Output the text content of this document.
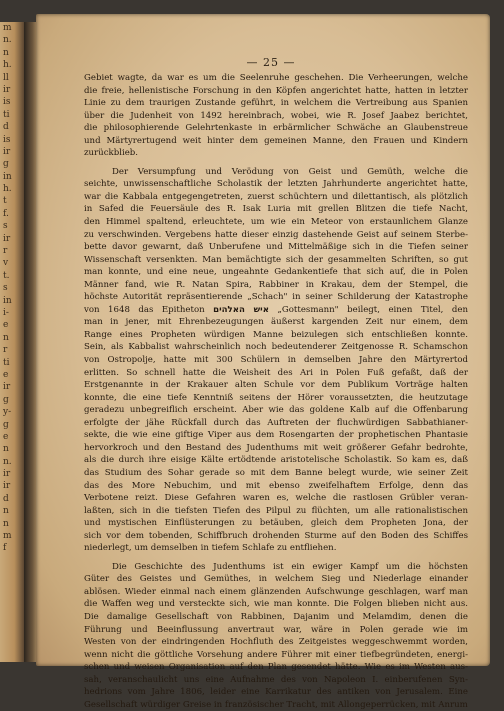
m
n.
n
h.
ll
ir
is
ti
d
is
ir
g
in
h.
t
f.
s
ir
r
v
t.
s
in
i-
e
n
r
ti
e
ir
g
y-
g
e
n
n.
ir
ir
d
n
n
m
f
— 25 —
Gebiet wagte, da war es um die Seelenruhe geschehen. Die Verheerungen, welche
die freie, hellenistische Forschung in den Köpfen angerichtet hatte, hatten in letzter
Linie zu dem traurigen Zustande geführt, in welchem die Vertreibung aus Spanien
über die Judenheit von 1492 hereinbrach, wobei, wie R. Josef Jaabez berichtet,
die philosophierende Gelehrtenkaste in erbärmlicher Schwäche an Glaubenstreue
und Märtyrertugend weit hinter dem gemeinen Manne, den Frauen und Kindern
zurückblieb.
Der Versumpfung und Verödung von Geist und Gemüth, welche die
seichte, unwissenschaftliche Scholastik der letzten Jahrhunderte angerichtet hatte,
war die Kabbala entgegengetreten, zuerst schüchtern und dilettantisch, als plötzlich
in Safed die Feuersäule des R. Isak Luria mit grellen Blitzen die tiefe Nacht,
den Himmel spaltend, erleuchtete, um wie ein Meteor von erstaunlichem Glanze
zu verschwinden. Vergebens hatte dieser einzig dastehende Geist auf seinem Sterbe-
bette davor gewarnt, daß Unberufene und Mittelmäßige sich in die Tiefen seiner
Wissenschaft versenkten. Man bemächtigte sich der gesammelten Schriften, so gut
man konnte, und eine neue, ungeahnte Gedankentiefe that sich auf, die in Polen
Männer fand, wie R. Natan Spira, Rabbiner in Krakau, dem der Stempel, die
höchste Autorität repräsentierende „Schach" in seiner Schilderung der Katastrophe
von 1648 das Epitheton איש האלהים „Gottesmann" beilegt, einen Titel, den
man in jener, mit Ehrenbezeugungen äußerst kargenden Zeit nur einem, dem
Range eines Propheten würdigen Manne beizulegen sich entschließen konnte.
Sein, als Kabbalist wahrscheinlich noch bedeutenderer Zeitgenosse R. Schamschon
von Ostropolje, hatte mit 300 Schülern in demselben Jahre den Märtyrertod
erlitten. So schnell hatte die Weisheit des Ari in Polen Fuß gefaßt, daß der
Erstgenannte in der Krakauer alten Schule vor dem Publikum Vorträge halten
konnte, die eine tiefe Kenntniß seitens der Hörer voraussetzten, die heutzutage
geradezu unbegreiflich erscheint. Aber wie das goldene Kalb auf die Offenbarung
erfolgte der jähe Rückfall durch das Auftreten der fluchwürdigen Sabbathianer-
sekte, die wie eine giftige Viper aus dem Rosengarten der prophetischen Phantasie
hervorkroch und den Bestand des Judenthums mit weit größerer Gefahr bedrohte,
als die durch ihre eisige Kälte ertödtende aristotelische Scholastik. So kam es, daß
das Studium des Sohar gerade so mit dem Banne belegt wurde, wie seiner Zeit
das des More Nebuchim, und mit ebenso zweifelhaftem Erfolge, denn das
Verbotene reizt. Diese Gefahren waren es, welche die rastlosen Grübler veran-
laßten, sich in die tiefsten Tiefen des Pilpul zu flüchten, um alle rationalistischen
und mystischen Einflüsterungen zu betäuben, gleich dem Propheten Jona, der
sich vor dem tobenden, Schiffbruch drohenden Sturme auf den Boden des Schiffes
niederlegt, um demselben in tiefem Schlafe zu entfliehen.
Die Geschichte des Judenthums ist ein ewiger Kampf um die höchsten
Güter des Geistes und Gemüthes, in welchem Sieg und Niederlage einander
ablösen. Wieder einmal nach einem glänzenden Aufschwunge geschlagen, warf man
die Waffen weg und versteckte sich, wie man konnte. Die Folgen blieben nicht aus.
Die damalige Gesellschaft von Rabbinen, Dajanim und Melamdim, denen die
Führung und Beeinflussung anvertraut war, wäre in Polen gerade wie im
Westen von der eindringenden Hochfluth des Zeitgeistes weggeschwemmt worden,
wenn nicht die göttliche Vorsehung andere Führer mit einer tiefbegründeten, energi-
schen und weisen Organisation auf den Plan gesendet hätte. Wie es im Westen aus-
sah, veranschaulicht uns eine Aufnahme des von Napoleon I. einberufenen Syn-
hedrions vom Jahre 1806, leider eine Karrikatur des antiken von Jerusalem. Eine
Gesellschaft würdiger Greise in französischer Tracht, mit Allongeperrücken, mit Anrum
